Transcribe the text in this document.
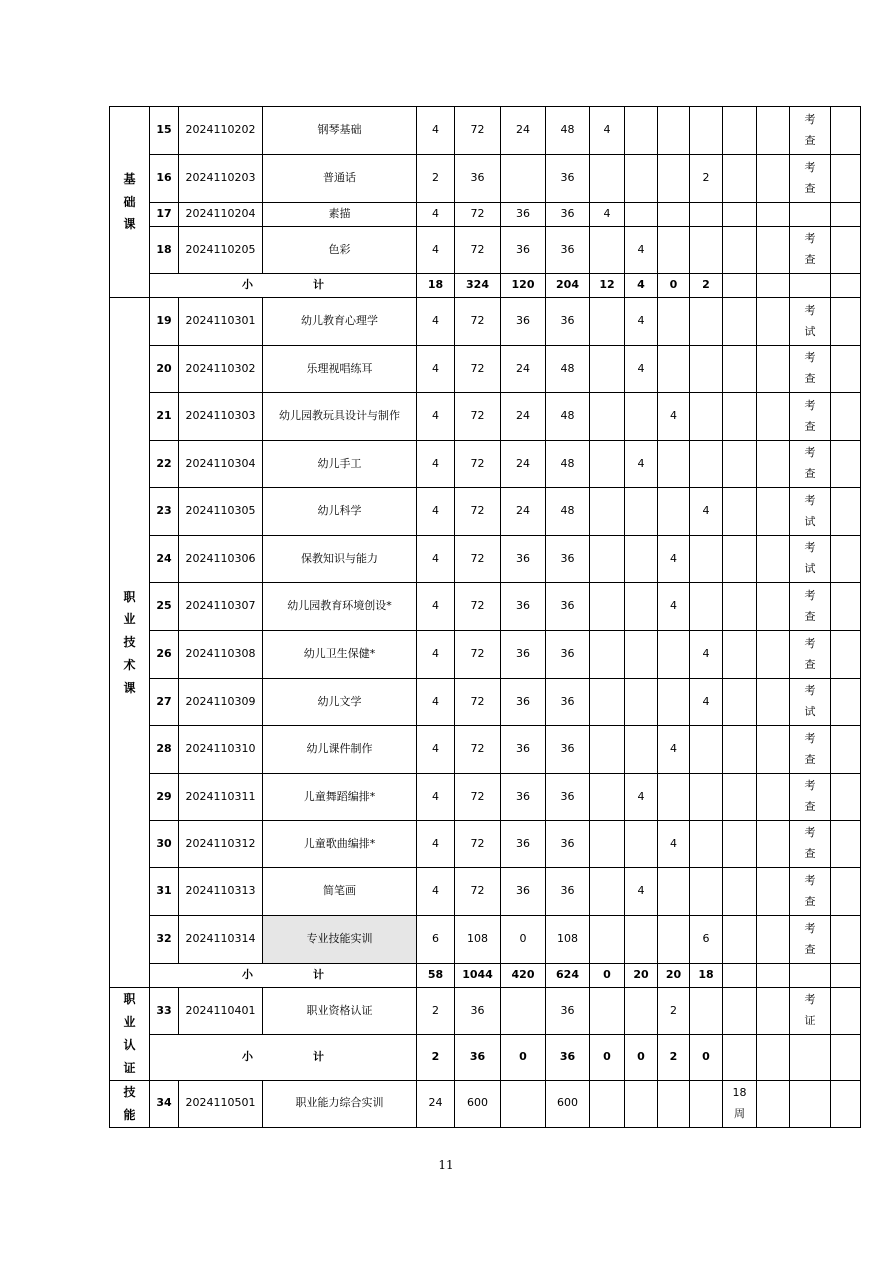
基
础
课	15	2024110202	钢琴基础	4	72	24	48	4						考
查	

	16	2024110203	普通话	2	36		36				2			考
查	

	17	2024110204	素描	4	72	36	36	4							
	18	2024110205	色彩	4	72	36	36		4					考
查	

	小 计			18	324	120	204	12	4	0	2				

职
业
技
术
课	19	2024110301	幼儿教育心理学	4	72	36	36		4					考
试	

	20	2024110302	乐理视唱练耳	4	72	24	48		4					考
查	

	21	2024110303	幼儿园教玩具设计与制作	4	72	24	48			4				考
查	

	22	2024110304	幼儿手工	4	72	24	48		4					考
查	

	23	2024110305	幼儿科学	4	72	24	48				4			考
试	

	24	2024110306	保教知识与能力	4	72	36	36			4				考
试	

	25	2024110307	幼儿园教育环境创设*	4	72	36	36			4				考
查	

	26	2024110308	幼儿卫生保健*	4	72	36	36				4			考
查	

	27	2024110309	幼儿文学	4	72	36	36				4			考
试	

	28	2024110310	幼儿课件制作	4	72	36	36			4				考
查	

	29	2024110311	儿童舞蹈编排*	4	72	36	36		4					考
查	

	30	2024110312	儿童歌曲编排*	4	72	36	36			4				考
查	

	31	2024110313	简笔画	4	72	36	36		4					考
查	

	32	2024110314	专业技能实训	6	108	0	108				6			考
查	

	小 计			58	1044	420	624	0	20	20	18				

职
业
认
证	33	2024110401	职业资格认证	2	36		36			2				考
证	

	小 计			2	36	0	36	0	0	2	0				

技
能	34	2024110501	职业能力综合实训	24	600		600					18
周			

11
